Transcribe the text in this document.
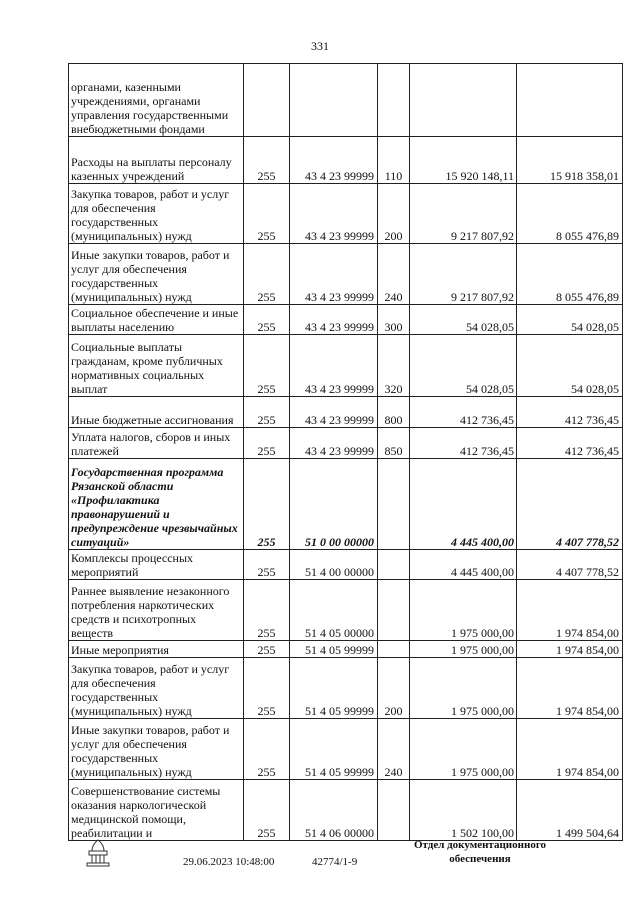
331
органами, казенными учреждениями, органами управления государственными внебюджетными фондами					
Расходы на выплаты персоналу казенных учреждений	255	43 4 23 99999	110	15 920 148,11	15 918 358,01
Закупка товаров, работ и услуг для обеспечения государственных (муниципальных) нужд	255	43 4 23 99999	200	9 217 807,92	8 055 476,89
Иные закупки товаров, работ и услуг для обеспечения государственных (муниципальных) нужд	255	43 4 23 99999	240	9 217 807,92	8 055 476,89
Социальное обеспечение и иные выплаты населению	255	43 4 23 99999	300	54 028,05	54 028,05
Социальные выплаты гражданам, кроме публичных нормативных социальных выплат	255	43 4 23 99999	320	54 028,05	54 028,05
Иные бюджетные ассигнования	255	43 4 23 99999	800	412 736,45	412 736,45
Уплата налогов, сборов и иных платежей	255	43 4 23 99999	850	412 736,45	412 736,45
Государственная программа Рязанской области «Профилактика правонарушений и предупреждение чрезвычайных ситуаций»	255	51 0 00 00000		4 445 400,00	4 407 778,52
Комплексы процессных мероприятий	255	51 4 00 00000		4 445 400,00	4 407 778,52
Раннее выявление незаконного потребления наркотических средств и психотропных веществ	255	51 4 05 00000		1 975 000,00	1 974 854,00
Иные мероприятия	255	51 4 05 99999		1 975 000,00	1 974 854,00
Закупка товаров, работ и услуг для обеспечения государственных (муниципальных) нужд	255	51 4 05 99999	200	1 975 000,00	1 974 854,00
Иные закупки товаров, работ и услуг для обеспечения государственных (муниципальных) нужд	255	51 4 05 99999	240	1 975 000,00	1 974 854,00
Совершенствование системы оказания наркологической медицинской помощи, реабилитации и	255	51 4 06 00000		1 502 100,00	1 499 504,64
29.06.2023 10:48:00	42774/1-9
Отдел документационного обеспечения
